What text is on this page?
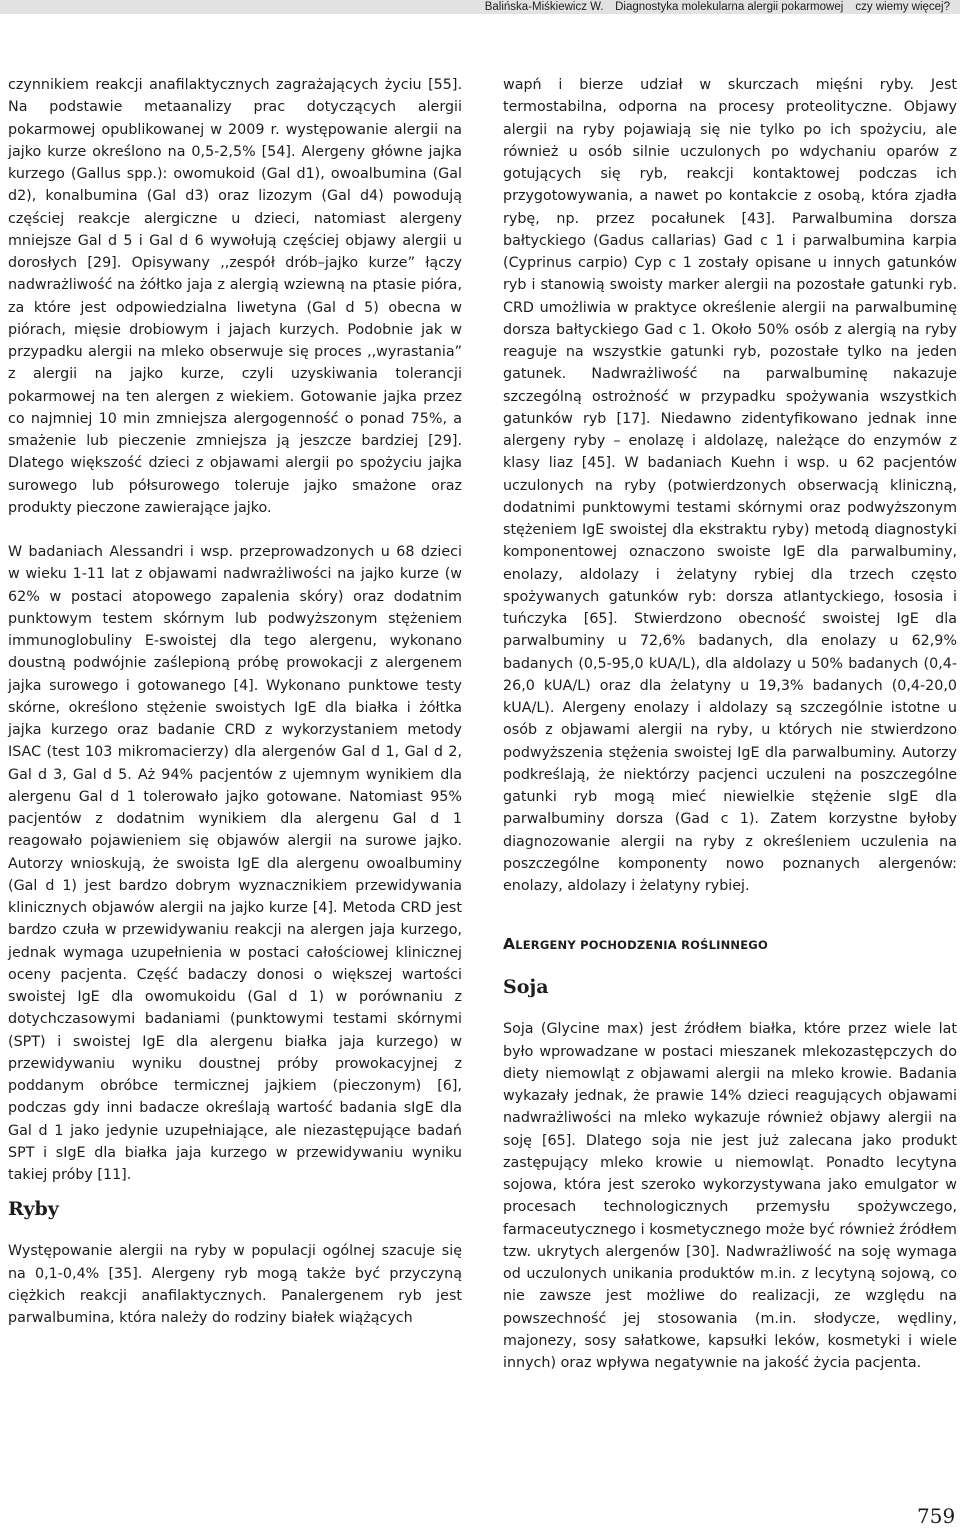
Balińska-Miśkiewicz W. Diagnostyka molekularna alergii pokarmowej   czy wiemy więcej?

czynnikiem reakcji anafilaktycznych zagrażających życiu [55]. Na podstawie metaanalizy prac dotyczących alergii pokarmowej opublikowanej w 2009 r. występowanie alergii na jajko kurze określono na 0,5-2,5% [54]. Alergeny główne jajka kurzego (Gallus spp.): owomukoid (Gal d1), owoalbumina (Gal d2), konalbumina (Gal d3) oraz lizozym (Gal d4) powodują częściej reakcje alergiczne u dzieci, natomiast alergeny mniejsze Gal d 5 i Gal d 6 wywołują częściej objawy alergii u dorosłych [29]. Opisywany ,,zespół drób–jajko kurze” łączy nadwrażliwość na żółtko jaja z alergią wziewną na ptasie pióra, za które jest odpowiedzialna liwetyna (Gal d 5) obecna w piórach, mięsie drobiowym i jajach kurzych. Podobnie jak w przypadku alergii na mleko obserwuje się proces ,,wyrastania” z alergii na jajko kurze, czyli uzyskiwania tolerancji pokarmowej na ten alergen z wiekiem. Gotowanie jajka przez co najmniej 10 min zmniejsza alergogenność o ponad 75%, a smażenie lub pieczenie zmniejsza ją jeszcze bardziej [29]. Dlatego większość dzieci z objawami alergii po spożyciu jajka surowego lub półsurowego toleruje jajko smażone oraz produkty pieczone zawierające jajko.

W badaniach Alessandri i wsp. przeprowadzonych u 68 dzieci w wieku 1-11 lat z objawami nadwrażliwości na jajko kurze (w 62% w postaci atopowego zapalenia skóry) oraz dodatnim punktowym testem skórnym lub podwyższonym stężeniem immunoglobuliny E-swoistej dla tego alergenu, wykonano doustną podwójnie zaślepioną próbę prowokacji z alergenem jajka surowego i gotowanego [4]. Wykonano punktowe testy skórne, określono stężenie swoistych IgE dla białka i żółtka jajka kurzego oraz badanie CRD z wykorzystaniem metody ISAC (test 103 mikromacierzy) dla alergenów Gal d 1, Gal d 2, Gal d 3, Gal d 5. Aż 94% pacjentów z ujemnym wynikiem dla alergenu Gal d 1 tolerowało jajko gotowane. Natomiast 95% pacjentów z dodatnim wynikiem dla alergenu Gal d 1 reagowało pojawieniem się objawów alergii na surowe jajko. Autorzy wnioskują, że swoista IgE dla alergenu owoalbuminy (Gal d 1) jest bardzo dobrym wyznacznikiem przewidywania klinicznych objawów alergii na jajko kurze [4]. Metoda CRD jest bardzo czuła w przewidywaniu reakcji na alergen jaja kurzego, jednak wymaga uzupełnienia w postaci całościowej klinicznej oceny pacjenta. Część badaczy donosi o większej wartości swoistej IgE dla owomukoidu (Gal d 1) w porównaniu z dotychczasowymi badaniami (punktowymi testami skórnymi (SPT) i swoistej IgE dla alergenu białka jaja kurzego) w przewidywaniu wyniku doustnej próby prowokacyjnej z poddanym obróbce termicznej jajkiem (pieczonym) [6], podczas gdy inni badacze określają wartość badania sIgE dla Gal d 1 jako jedynie uzupełniające, ale niezastępujące badań SPT i sIgE dla białka jaja kurzego w przewidywaniu wyniku takiej próby [11].

Ryby

Występowanie alergii na ryby w populacji ogólnej szacuje się na 0,1-0,4% [35]. Alergeny ryb mogą także być przyczyną ciężkich reakcji anafilaktycznych. Panalergenem ryb jest parwalbumina, która należy do rodziny białek wiążących

wapń i bierze udział w skurczach mięśni ryby. Jest termostabilna, odporna na procesy proteolityczne. Objawy alergii na ryby pojawiają się nie tylko po ich spożyciu, ale również u osób silnie uczulonych po wdychaniu oparów z gotujących się ryb, reakcji kontaktowej podczas ich przygotowywania, a nawet po kontakcie z osobą, która zjadła rybę, np. przez pocałunek [43]. Parwalbumina dorsza bałtyckiego (Gadus callarias) Gad c 1 i parwalbumina karpia (Cyprinus carpio) Cyp c 1 zostały opisane u innych gatunków ryb i stanowią swoisty marker alergii na pozostałe gatunki ryb. CRD umożliwia w praktyce określenie alergii na parwalbuminę dorsza bałtyckiego Gad c 1. Około 50% osób z alergią na ryby reaguje na wszystkie gatunki ryb, pozostałe tylko na jeden gatunek. Nadwrażliwość na parwalbuminę nakazuje szczególną ostrożność w przypadku spożywania wszystkich gatunków ryb [17]. Niedawno zidentyfikowano jednak inne alergeny ryby – enolazę i aldolazę, należące do enzymów z klasy liaz [45]. W badaniach Kuehn i wsp. u 62 pacjentów uczulonych na ryby (potwierdzonych obserwacją kliniczną, dodatnimi punktowymi testami skórnymi oraz podwyższonym stężeniem IgE swoistej dla ekstraktu ryby) metodą diagnostyki komponentowej oznaczono swoiste IgE dla parwalbuminy, enolazy, aldolazy i żelatyny rybiej dla trzech często spożywanych gatunków ryb: dorsza atlantyckiego, łososia i tuńczyka [65]. Stwierdzono obecność swoistej IgE dla parwalbuminy u 72,6% badanych, dla enolazy u 62,9% badanych (0,5-95,0 kUA/L), dla aldolazy u 50% badanych (0,4-26,0 kUA/L) oraz dla żelatyny u 19,3% badanych (0,4-20,0 kUA/L). Alergeny enolazy i aldolazy są szczególnie istotne u osób z objawami alergii na ryby, u których nie stwierdzono podwyższenia stężenia swoistej IgE dla parwalbuminy. Autorzy podkreślają, że niektórzy pacjenci uczuleni na poszczególne gatunki ryb mogą mieć niewielkie stężenie sIgE dla parwalbuminy dorsza (Gad c 1). Zatem korzystne byłoby diagnozowanie alergii na ryby z określeniem uczulenia na poszczególne komponenty nowo poznanych alergenów: enolazy, aldolazy i żelatyny rybiej.

ALERGENY POCHODZENIA ROŚLINNEGO
Soja

Soja (Glycine max) jest źródłem białka, które przez wiele lat było wprowadzane w postaci mieszanek mlekozastępczych do diety niemowląt z objawami alergii na mleko krowie. Badania wykazały jednak, że prawie 14% dzieci reagujących objawami nadwrażliwości na mleko wykazuje również objawy alergii na soję [65]. Dlatego soja nie jest już zalecana jako produkt zastępujący mleko krowie u niemowląt. Ponadto lecytyna sojowa, która jest szeroko wykorzystywana jako emulgator w procesach technologicznych przemysłu spożywczego, farmaceutycznego i kosmetycznego może być również źródłem tzw. ukrytych alergenów [30]. Nadwrażliwość na soję wymaga od uczulonych unikania produktów m.in. z lecytyną sojową, co nie zawsze jest możliwe do realizacji, ze względu na powszechność jej stosowania (m.in. słodycze, wędliny, majonezy, sosy sałatkowe, kapsułki leków, kosmetyki i wiele innych) oraz wpływa negatywnie na jakość życia pacjenta.

759
